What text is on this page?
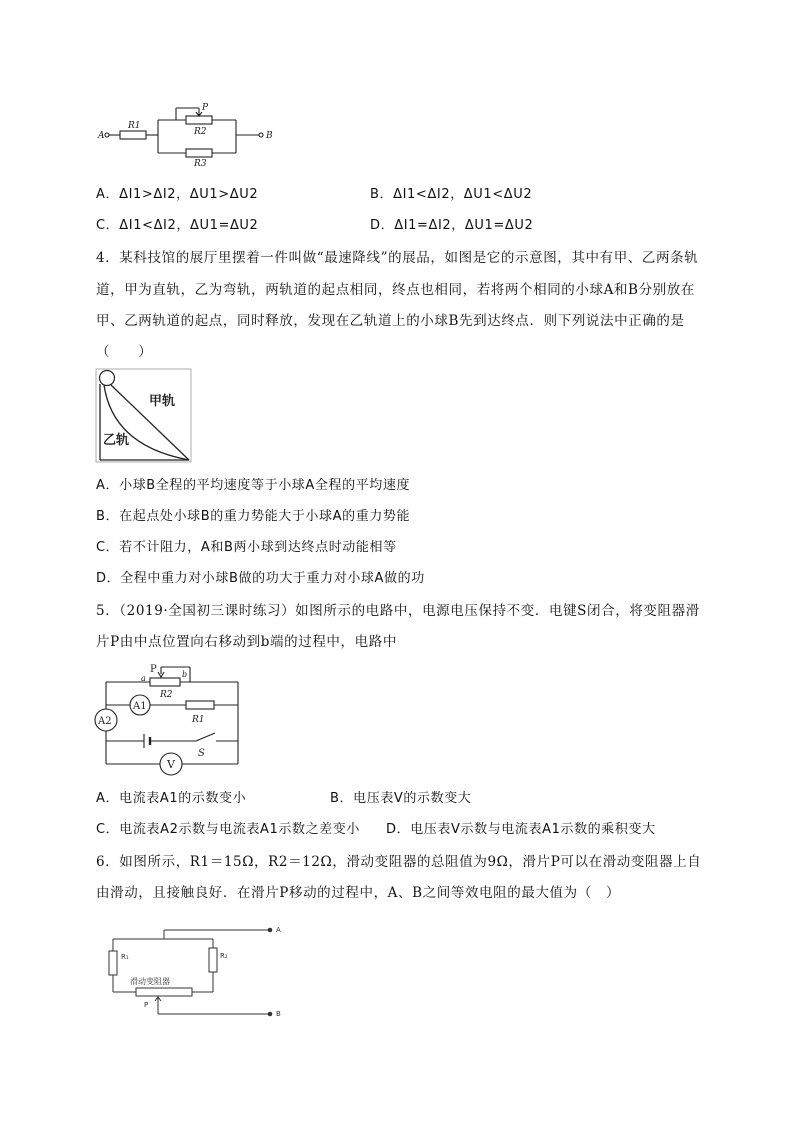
A	B
P
R1
R2
R3
A．ΔI1>ΔI2，ΔU1>ΔU2	B．ΔI1<ΔI2，ΔU1<ΔU2
C．ΔI1<ΔI2，ΔU1=ΔU2	D．ΔI1=ΔI2，ΔU1=ΔU2
4．某科技馆的展厅里摆着一件叫做“最速降线”的展品，如图是它的示意图，其中有甲、乙两条轨
道，甲为直轨，乙为弯轨，两轨道的起点相同，终点也相同，若将两个相同的小球A和B分别放在
甲、乙两轨道的起点，同时释放，发现在乙轨道上的小球B先到达终点．则下列说法中正确的是
（　　）
甲轨
乙轨
A．小球B全程的平均速度等于小球A全程的平均速度
B．在起点处小球B的重力势能大于小球A的重力势能
C．若不计阻力，A和B两小球到达终点时动能相等
D．全程中重力对小球B做的功大于重力对小球A做的功
5．（2019·全国初三课时练习）如图所示的电路中，电源电压保持不变．电键S闭合，将变阻器滑
片P由中点位置向右移动到b端的过程中，电路中
P
a	b
R2
R1
A1
A2
S
V
A．电流表A1的示数变小	B．电压表V的示数变大
C．电流表A2示数与电流表A1示数之差变小 D．电压表V示数与电流表A1示数的乘积变大
6．如图所示，R1＝15Ω，R2＝12Ω，滑动变阻器的总阻值为9Ω，滑片P可以在滑动变阻器上自
由滑动，且接触良好．在滑片P移动的过程中，A、B之间等效电阻的最大值为（　）
A
B
P
R₁	R₂
滑动变阻器
